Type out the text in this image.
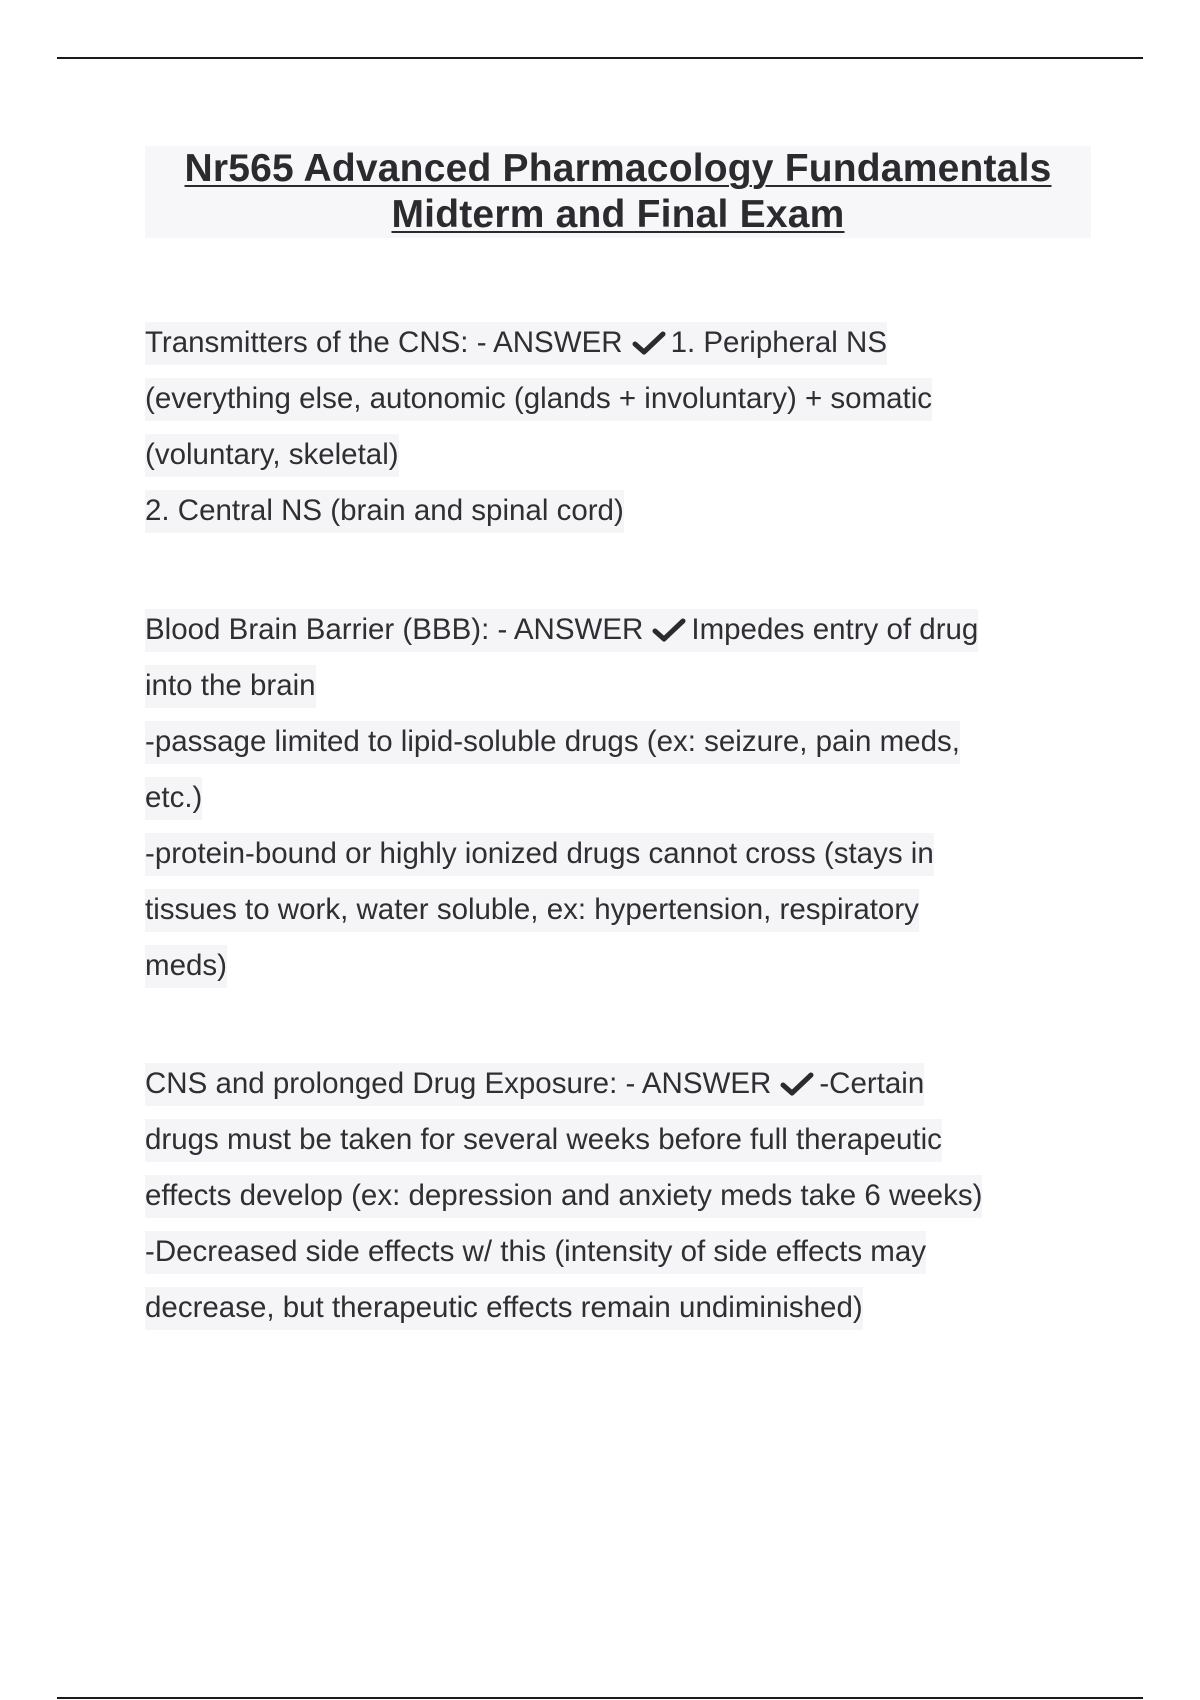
Nr565 Advanced Pharmacology Fundamentals
Midterm and Final Exam
Transmitters of the CNS: - ANSWER 1. Peripheral NS
(everything else, autonomic (glands + involuntary) + somatic
(voluntary, skeletal)
2. Central NS (brain and spinal cord)
Blood Brain Barrier (BBB): - ANSWER Impedes entry of drug
into the brain
-passage limited to lipid-soluble drugs (ex: seizure, pain meds,
etc.)
-protein-bound or highly ionized drugs cannot cross (stays in
tissues to work, water soluble, ex: hypertension, respiratory
meds)
CNS and prolonged Drug Exposure: - ANSWER -Certain
drugs must be taken for several weeks before full therapeutic
effects develop (ex: depression and anxiety meds take 6 weeks)
-Decreased side effects w/ this (intensity of side effects may
decrease, but therapeutic effects remain undiminished)
